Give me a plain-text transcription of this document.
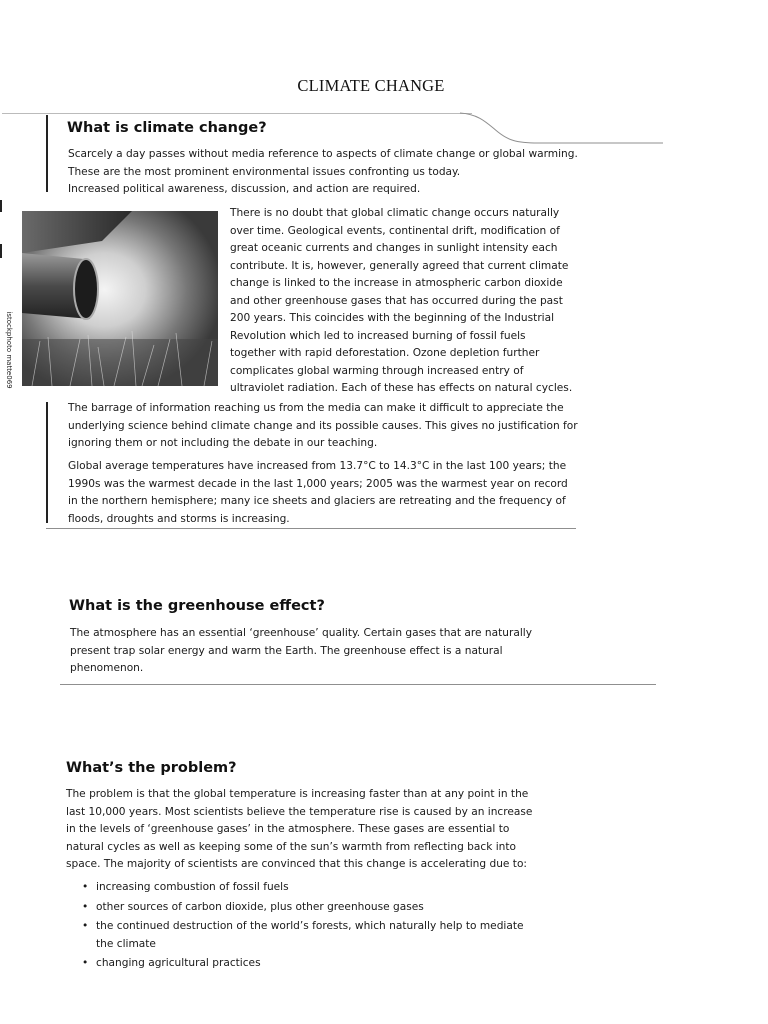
CLIMATE CHANGE
What is climate change?
Scarcely a day passes without media reference to aspects of climate change or global warming.
These are the most prominent environmental issues confronting us today.
Increased political awareness, discussion, and action are required.
istockphoto matte069
There is no doubt that global climatic change occurs naturally
over time. Geological events, continental drift, modification of
great oceanic currents and changes in sunlight intensity each
contribute. It is, however, generally agreed that current climate
change is linked to the increase in atmospheric carbon dioxide
and other greenhouse gases that has occurred during the past
200 years. This coincides with the beginning of the Industrial
Revolution which led to increased burning of fossil fuels
together with rapid deforestation. Ozone depletion further
complicates global warming through increased entry of
ultraviolet radiation. Each of these has effects on natural cycles.
The barrage of information reaching us from the media can make it difficult to appreciate the
underlying science behind climate change and its possible causes. This gives no justification for
ignoring them or not including the debate in our teaching.
Global average temperatures have increased from 13.7°C to 14.3°C in the last 100 years; the
1990s was the warmest decade in the last 1,000 years; 2005 was the warmest year on record
in the northern hemisphere; many ice sheets and glaciers are retreating and the frequency of
floods, droughts and storms is increasing.
What is the greenhouse effect?
The atmosphere has an essential ‘greenhouse’ quality. Certain gases that are naturally
present trap solar energy and warm the Earth. The greenhouse effect is a natural
phenomenon.
What’s the problem?
The problem is that the global temperature is increasing faster than at any point in the
last 10,000 years. Most scientists believe the temperature rise is caused by an increase
in the levels of ‘greenhouse gases’ in the atmosphere. These gases are essential to
natural cycles as well as keeping some of the sun’s warmth from reflecting back into
space. The majority of scientists are convinced that this change is accelerating due to:
• increasing combustion of fossil fuels
• other sources of carbon dioxide, plus other greenhouse gases
• the continued destruction of the world’s forests, which naturally help to mediate
the climate
• changing agricultural practices
